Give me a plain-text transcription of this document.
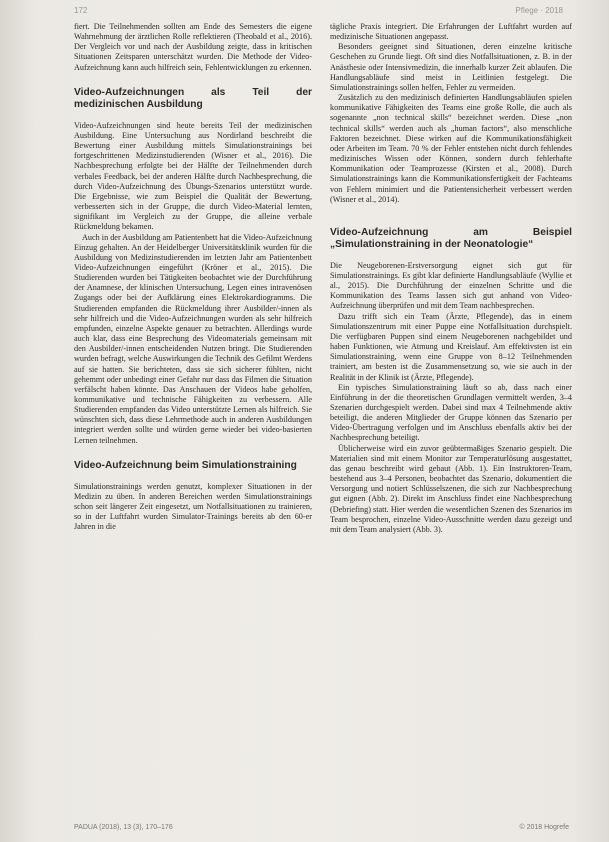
172	Pflege · 2018

fiert. Die Teilnehmenden sollten am Ende des Semesters die eigene Wahrnehmung der ärztlichen Rolle reflektieren (Theobald et al., 2016). Der Vergleich vor und nach der Ausbildung zeigte, dass in kritischen Situationen Zeitsparen unterschätzt wurden. Die Methode der Video-Aufzeichnung kann auch hilfreich sein, Fehlentwicklungen zu erkennen.

Video-Aufzeichnungen als Teil der medizinischen Ausbildung

Video-Aufzeichnungen sind heute bereits Teil der medizinischen Ausbildung. Eine Untersuchung aus Nordirland beschreibt die Bewertung einer Ausbildung mittels Simulationstrainings bei fortgeschrittenen Medizinstudierenden (Wisner et al., 2016). Die Nachbesprechung erfolgte bei der Hälfte der Teilnehmenden durch verbales Feedback, bei der anderen Hälfte durch Nachbesprechung, die durch Video-Aufzeichnung des Übungs-Szenarios unterstützt wurde. Die Ergebnisse, wie zum Beispiel die Qualität der Bewertung, verbesserten sich in der Gruppe, die durch Video-Material lernten, signifikant im Vergleich zu der Gruppe, die alleine verbale Rückmeldung bekamen.

Auch in der Ausbildung am Patientenbett hat die Video-Aufzeichnung Einzug gehalten. An der Heidelberger Universitätsklinik wurden für die Ausbildung von Medizinstudierenden im letzten Jahr am Patientenbett Video-Aufzeichnungen eingeführt (Kröner et al., 2015). Die Studierenden wurden bei Tätigkeiten beobachtet wie der Durchführung der Anamnese, der klinischen Untersuchung, Legen eines intravenösen Zugangs oder bei der Aufklärung eines Elektrokardiogramms. Die Studierenden empfanden die Rückmeldung ihrer Ausbilder/-innen als sehr hilfreich und die Video-Aufzeichnungen wurden als sehr hilfreich empfunden, einzelne Aspekte genauer zu betrachten. Allerdings wurde auch klar, dass eine Besprechung des Videomaterials gemeinsam mit den Ausbilder/-innen entscheidenden Nutzen bringt. Die Studierenden wurden befragt, welche Auswirkungen die Technik des Gefilmt Werdens auf sie hatten. Sie berichteten, dass sie sich sicherer fühlten, nicht gehemmt oder unbedingt einer Gefahr nur dass das Filmen die Situation verfälscht haben könnte. Das Anschauen der Videos habe geholfen, kommunikative und technische Fähigkeiten zu verbessern. Alle Studierenden empfanden das Video unterstützte Lernen als hilfreich. Sie wünschten sich, dass diese Lehrmethode auch in anderen Ausbildungen integriert werden sollte und würden gerne wieder bei video-basierten Lernen teilnehmen.

Video-Aufzeichnung beim Simulationstraining

Simulationstrainings werden genutzt, komplexer Situationen in der Medizin zu üben. In anderen Bereichen werden Simulationstrainings schon seit längerer Zeit eingesetzt, um Notfallsituationen zu trainieren, so in der Luftfahrt wurden Simulator-Trainings bereits ab den 60-er Jahren in die

tägliche Praxis integriert. Die Erfahrungen der Luftfahrt wurden auf medizinische Situationen angepasst.

Besonders geeignet sind Situationen, deren einzelne kritische Geschehen zu Grunde liegt. Oft sind dies Notfallsituationen, z. B. in der Anästhesie oder Intensivmedizin, die innerhalb kurzer Zeit ablaufen. Die Handlungsabläufe sind meist in Leitlinien festgelegt. Die Simulationstrainings sollen helfen, Fehler zu vermeiden.

Zusätzlich zu den medizinisch definierten Handlungsabläufen spielen kommunikative Fähigkeiten des Teams eine große Rolle, die auch als sogenannte „non technical skills“ bezeichnet werden. Diese „non technical skills“ werden auch als „human factors“, also menschliche Faktoren bezeichnet. Diese wirken auf die Kommunikationsfähigkeit oder Arbeiten im Team. 70 % der Fehler entstehen nicht durch fehlendes medizinisches Wissen oder Können, sondern durch fehlerhafte Kommunikation oder Teamprozesse (Kirsten et al., 2008). Durch Simulationstrainings kann die Kommunikationsfertigkeit der Fachteams von Fehlern minimiert und die Patientensicherheit verbessert werden (Wisner et al., 2014).

Video-Aufzeichnung am Beispiel „Simulationstraining in der Neonatologie“

Die Neugeborenen-Erstversorgung eignet sich gut für Simulationstrainings. Es gibt klar definierte Handlungsabläufe (Wyllie et al., 2015). Die Durchführung der einzelnen Schritte und die Kommunikation des Teams lassen sich gut anhand von Video-Aufzeichnung überprüfen und mit dem Team nachbesprechen.

Dazu trifft sich ein Team (Ärzte, Pflegende), das in einem Simulationszentrum mit einer Puppe eine Notfallsituation durchspielt. Die verfügbaren Puppen sind einem Neugeborenen nachgebildet und haben Funktionen, wie Atmung und Kreislauf. Am effektivsten ist ein Simulationstraining, wenn eine Gruppe von 8–12 Teilnehmenden trainiert, am besten ist die Zusammensetzung so, wie sie auch in der Realität in der Klinik ist (Ärzte, Pflegende).

Ein typisches Simulationstraining läuft so ab, dass nach einer Einführung in der die theoretischen Grundlagen vermittelt werden, 3–4 Szenarien durchgespielt werden. Dabei sind max 4 Teilnehmende aktiv beteiligt, die anderen Mitglieder der Gruppe können das Szenario per Video-Übertragung verfolgen und im Anschluss ebenfalls aktiv bei der Nachbesprechung beteiligt.

Üblicherweise wird ein zuvor geübtermaßiges Szenario gespielt. Die Materialien sind mit einem Monitor zur Temperaturlösung ausgestattet, das genau beschreibt wird gebaut (Abb. 1). Ein Instruktoren-Team, bestehend aus 3–4 Personen, beobachtet das Szenario, dokumentiert die Versorgung und notiert Schlüsselszenen, die sich zur Nachbesprechung gut eignen (Abb. 2). Direkt im Anschluss findet eine Nachbesprechung (Debriefing) statt. Hier werden die wesentlichen Szenen des Szenarios im Team besprochen, einzelne Video-Ausschnitte werden dazu gezeigt und mit dem Team analysiert (Abb. 3).

PADUA (2018), 13 (3), 170–176	© 2018 Hogrefe
